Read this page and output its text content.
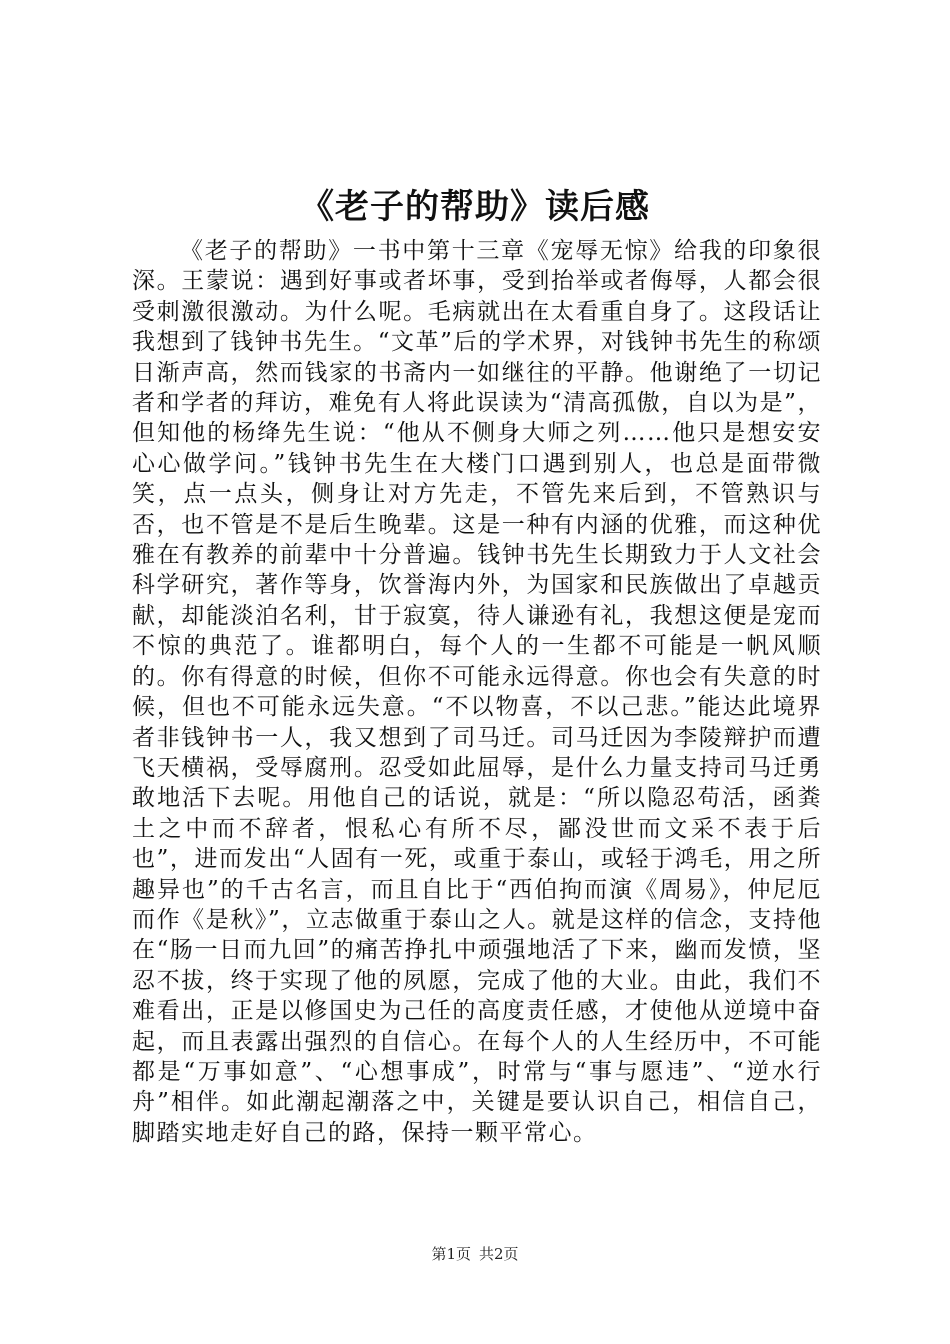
《老子的帮助》读后感

《老子的帮助》一书中第十三章《宠辱无惊》给我的印象很深。王蒙说：遇到好事或者坏事，受到抬举或者侮辱，人都会很受刺激很激动。为什么呢。毛病就出在太看重自身了。这段话让我想到了钱钟书先生。“文革”后的学术界，对钱钟书先生的称颂日渐声高，然而钱家的书斋内一如继往的平静。他谢绝了一切记者和学者的拜访，难免有人将此误读为“清高孤傲，自以为是”，但知他的杨绛先生说：“他从不侧身大师之列……他只是想安安心心做学问。”钱钟书先生在大楼门口遇到别人，也总是面带微笑，点一点头，侧身让对方先走，不管先来后到，不管熟识与否，也不管是不是后生晚辈。这是一种有内涵的优雅，而这种优雅在有教养的前辈中十分普遍。钱钟书先生长期致力于人文社会科学研究，著作等身，饮誉海内外，为国家和民族做出了卓越贡献，却能淡泊名利，甘于寂寞，待人谦逊有礼，我想这便是宠而不惊的典范了。谁都明白，每个人的一生都不可能是一帆风顺的。你有得意的时候，但你不可能永远得意。你也会有失意的时候，但也不可能永远失意。“不以物喜，不以己悲。”能达此境界者非钱钟书一人，我又想到了司马迁。司马迁因为李陵辩护而遭飞天横祸，受辱腐刑。忍受如此屈辱，是什么力量支持司马迁勇敢地活下去呢。用他自己的话说，就是：“所以隐忍苟活，函粪土之中而不辞者，恨私心有所不尽，鄙没世而文采不表于后也”，进而发出“人固有一死，或重于泰山，或轻于鸿毛，用之所趣异也”的千古名言，而且自比于“西伯拘而演《周易》，仲尼厄而作《是秋》”，立志做重于泰山之人。就是这样的信念，支持他在“肠一日而九回”的痛苦挣扎中顽强地活了下来，幽而发愤，坚忍不拔，终于实现了他的夙愿，完成了他的大业。由此，我们不难看出，正是以修国史为己任的高度责任感，才使他从逆境中奋起，而且表露出强烈的自信心。在每个人的人生经历中，不可能都是“万事如意”、“心想事成”，时常与“事与愿违”、“逆水行舟”相伴。如此潮起潮落之中，关键是要认识自己，相信自己，脚踏实地走好自己的路，保持一颗平常心。

第1页 共2页
